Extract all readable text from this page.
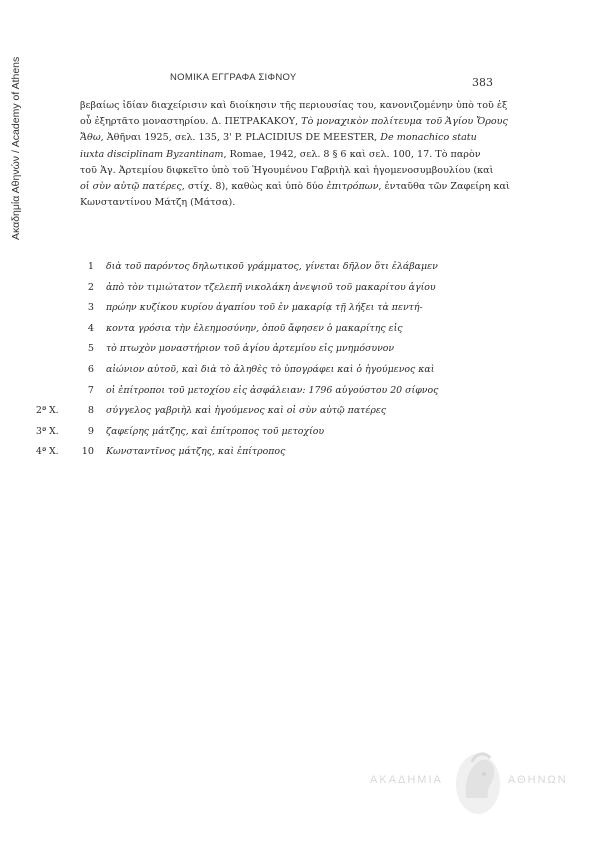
Ακαδημία Αθηνών / Academy of Athens	ΝΟΜΙΚΑ ΕΓΓΡΑΦΑ ΣΙΦΝΟΥ	383
βεβαίως ἰδίαν διαχείρισιν καὶ διοίκησιν τῆς περιουσίας του, κανονιζομένην ὑπὸ τοῦ ἐξ
οὗ ἐξηρτᾶτο μοναστηρίου. Δ. ΠΕΤΡΑΚΑΚΟΥ, Τὸ μοναχικὸν πολίτευμα τοῦ Ἁγίου Ὄρους
Ἄθω, Ἀθῆναι 1925, σελ. 135, 3' P. PLACIDIUS DE MEESTER, De monachico statu
iuxta disciplinam Byzantinam, Romae, 1942, σελ. 8 § 6 καὶ σελ. 100, 17. Τὸ παρὸν
τοῦ Ἁγ. Ἀρτεμίου διφκεῖτο ὑπὸ τοῦ Ἡγουμένου Γαβριὴλ καὶ ἡγομενοσυμβουλίου (καὶ
οἱ σὺν αὐτῷ πατέρες, στίχ. 8), καθὼς καὶ ὑπὸ δύο ἐπιτρόπων, ἐνταῦθα τῶν Ζαφείρη καὶ
Κωνσταντίνου Μάτζη (Μάτσα).
1 διὰ τοῦ παρόντος δηλωτικοῦ γράμματος, γίνεται δῆλον ὅτι ἐλάβαμεν
2 ἀπὸ τὸν τιμιώτατον τζελεπῆ νικολάκη ἀνεψιοῦ τοῦ μακαρίτου ἁγίου
3 πρώην κυζίκου κυρίου ἀγαπίου τοῦ ἐν μακαρίᾳ τῇ λήξει τὰ πεντή-
4 κοντα γρόσια τὴν ἐλεημοσύνην, ὁποῦ ἄφησεν ὁ μακαρίτης εἰς
5 τὸ πτωχὸν μοναστήριον τοῦ ἁγίου ἀρτεμίου εἰς μνημόσυνον
6 αἰώνιον αὐτοῦ, καὶ διὰ τὸ ἀληθὲς τὸ ὑπογράφει καὶ ὁ ἡγούμενος καὶ
7 οἱ ἐπίτροποι τοῦ μετοχίου εἰς ἀσφάλειαν: 1796 αὐγούστου 20 σίφνος
2ª X.	8 σύγγελος γαβριὴλ καὶ ἡγούμενος καὶ οἱ σὺν αὐτῷ πατέρες
3ª X.	9 ζαφείρης μάτζης, καὶ ἐπίτροπος τοῦ μετοχίου
4ª X.	10 Κωνσταντῖνος μάτζης, καὶ ἐπίτροπος
ΑΚΑΔΗΜΙΑ	ΑΘΗΝΩΝ
